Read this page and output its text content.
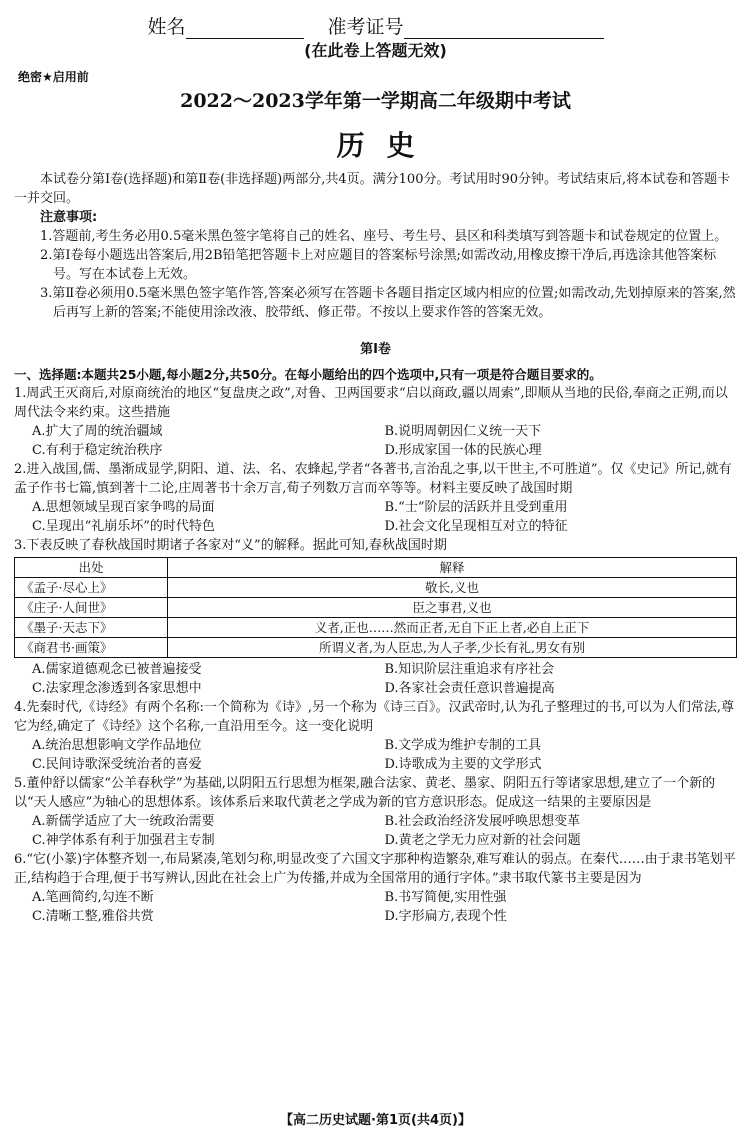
姓名	准考证号
(在此卷上答题无效)
绝密★启用前
2022～2023学年第一学期高二年级期中考试
历史

本试卷分第Ⅰ卷(选择题)和第Ⅱ卷(非选择题)两部分,共4页。满分100分。考试用时90分钟。考试结束后,将本试卷和答题卡一并交回。

注意事项:

1.答题前,考生务必用0.5毫米黑色签字笔将自己的姓名、座号、考生号、县区和科类填写到答题卡和试卷规定的位置上。

2.第Ⅰ卷每小题选出答案后,用2B铅笔把答题卡上对应题目的答案标号涂黑;如需改动,用橡皮擦干净后,再选涂其他答案标号。写在本试卷上无效。

3.第Ⅱ卷必须用0.5毫米黑色签字笔作答,答案必须写在答题卡各题目指定区域内相应的位置;如需改动,先划掉原来的答案,然后再写上新的答案;不能使用涂改液、胶带纸、修正带。不按以上要求作答的答案无效。

第Ⅰ卷

一、选择题:本题共25小题,每小题2分,共50分。在每小题给出的四个选项中,只有一项是符合题目要求的。

1.周武王灭商后,对原商统治的地区“复盘庚之政”,对鲁、卫两国要求“启以商政,疆以周索”,即顺从当地的民俗,奉商之正朔,而以周代法令来约束。这些措施

A.扩大了周的统治疆域	B.说明周朝因仁义统一天下
C.有利于稳定统治秩序	D.形成家国一体的民族心理

2.进入战国,儒、墨渐成显学,阴阳、道、法、名、农蜂起,学者“各著书,言治乱之事,以干世主,不可胜道”。仅《史记》所记,就有孟子作书七篇,慎到著十二论,庄周著书十余万言,荀子列数万言而卒等等。材料主要反映了战国时期

A.思想领域呈现百家争鸣的局面	B.“士”阶层的活跃并且受到重用
C.呈现出“礼崩乐坏”的时代特色	D.社会文化呈现相互对立的特征

3.下表反映了春秋战国时期诸子各家对“义”的解释。据此可知,春秋战国时期

出处	解释
《孟子·尽心上》	敬长,义也
《庄子·人间世》	臣之事君,义也
《墨子·天志下》	义者,正也……然而正者,无自下正上者,必自上正下
《商君书·画策》	所谓义者,为人臣忠,为人子孝,少长有礼,男女有别
A.儒家道德观念已被普遍接受	B.知识阶层注重追求有序社会
C.法家理念渗透到各家思想中	D.各家社会责任意识普遍提高

4.先秦时代,《诗经》有两个名称:一个简称为《诗》,另一个称为《诗三百》。汉武帝时,认为孔子整理过的书,可以为人们常法,尊它为经,确定了《诗经》这个名称,一直沿用至今。这一变化说明

A.统治思想影响文学作品地位	B.文学成为维护专制的工具
C.民间诗歌深受统治者的喜爱	D.诗歌成为主要的文学形式

5.董仲舒以儒家“公羊春秋学”为基础,以阴阳五行思想为框架,融合法家、黄老、墨家、阴阳五行等诸家思想,建立了一个新的以“天人感应”为轴心的思想体系。该体系后来取代黄老之学成为新的官方意识形态。促成这一结果的主要原因是

A.新儒学适应了大一统政治需要	B.社会政治经济发展呼唤思想变革
C.神学体系有利于加强君主专制	D.黄老之学无力应对新的社会问题

6.“它(小篆)字体整齐划一,布局紧凑,笔划匀称,明显改变了六国文字那种构造繁杂,难写难认的弱点。在秦代……由于隶书笔划平正,结构趋于合理,便于书写辨认,因此在社会上广为传播,并成为全国常用的通行字体。”隶书取代篆书主要是因为

A.笔画简约,勾连不断	B.书写简便,实用性强
C.清晰工整,雅俗共赏	D.字形扁方,表现个性
【高二历史试题·第1页(共4页)】
